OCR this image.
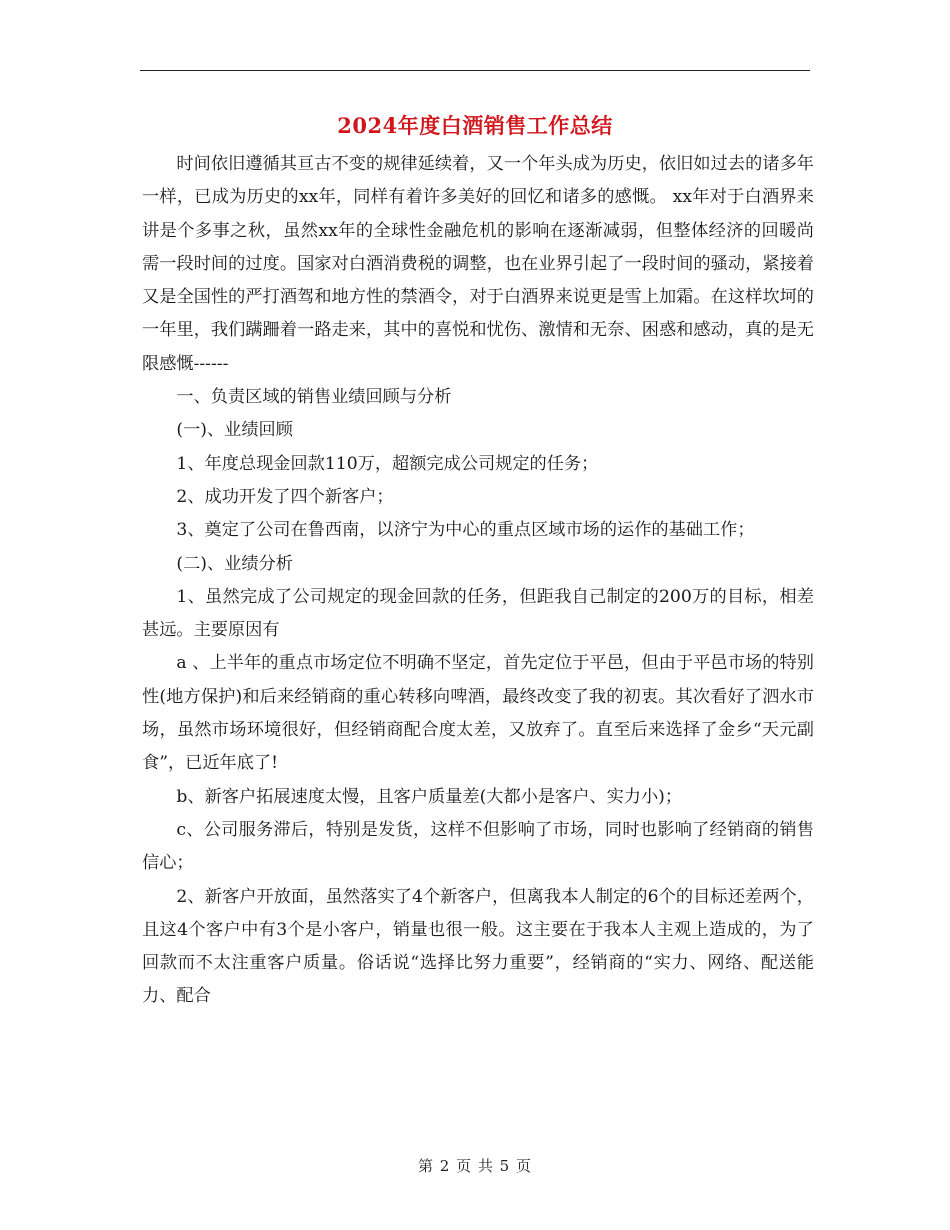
2024年度白酒销售工作总结

时间依旧遵循其亘古不变的规律延续着，又一个年头成为历史，依旧如过去的诸多年一样，已成为历史的xx年，同样有着许多美好的回忆和诸多的感慨。 xx年对于白酒界来讲是个多事之秋，虽然xx年的全球性金融危机的影响在逐渐减弱，但整体经济的回暖尚需一段时间的过度。国家对白酒消费税的调整，也在业界引起了一段时间的骚动，紧接着又是全国性的严打酒驾和地方性的禁酒令，对于白酒界来说更是雪上加霜。在这样坎坷的一年里，我们蹒跚着一路走来，其中的喜悦和忧伤、激情和无奈、困惑和感动，真的是无限感慨------

一、负责区域的销售业绩回顾与分析

(一)、业绩回顾

1、年度总现金回款110万，超额完成公司规定的任务；

2、成功开发了四个新客户；

3、奠定了公司在鲁西南，以济宁为中心的重点区域市场的运作的基础工作；

(二)、业绩分析

1、虽然完成了公司规定的现金回款的任务，但距我自己制定的200万的目标，相差甚远。主要原因有

a 、上半年的重点市场定位不明确不坚定，首先定位于平邑，但由于平邑市场的特别性(地方保护)和后来经销商的重心转移向啤酒，最终改变了我的初衷。其次看好了泗水市场，虽然市场环境很好，但经销商配合度太差，又放弃了。直至后来选择了金乡“天元副食”，已近年底了!

b、新客户拓展速度太慢，且客户质量差(大都小是客户、实力小)；

c、公司服务滞后，特别是发货，这样不但影响了市场，同时也影响了经销商的销售信心；

2、新客户开放面，虽然落实了4个新客户，但离我本人制定的6个的目标还差两个，且这4个客户中有3个是小客户，销量也很一般。这主要在于我本人主观上造成的，为了回款而不太注重客户质量。俗话说“选择比努力重要”，经销商的“实力、网络、配送能力、配合

第 2 页 共 5 页
